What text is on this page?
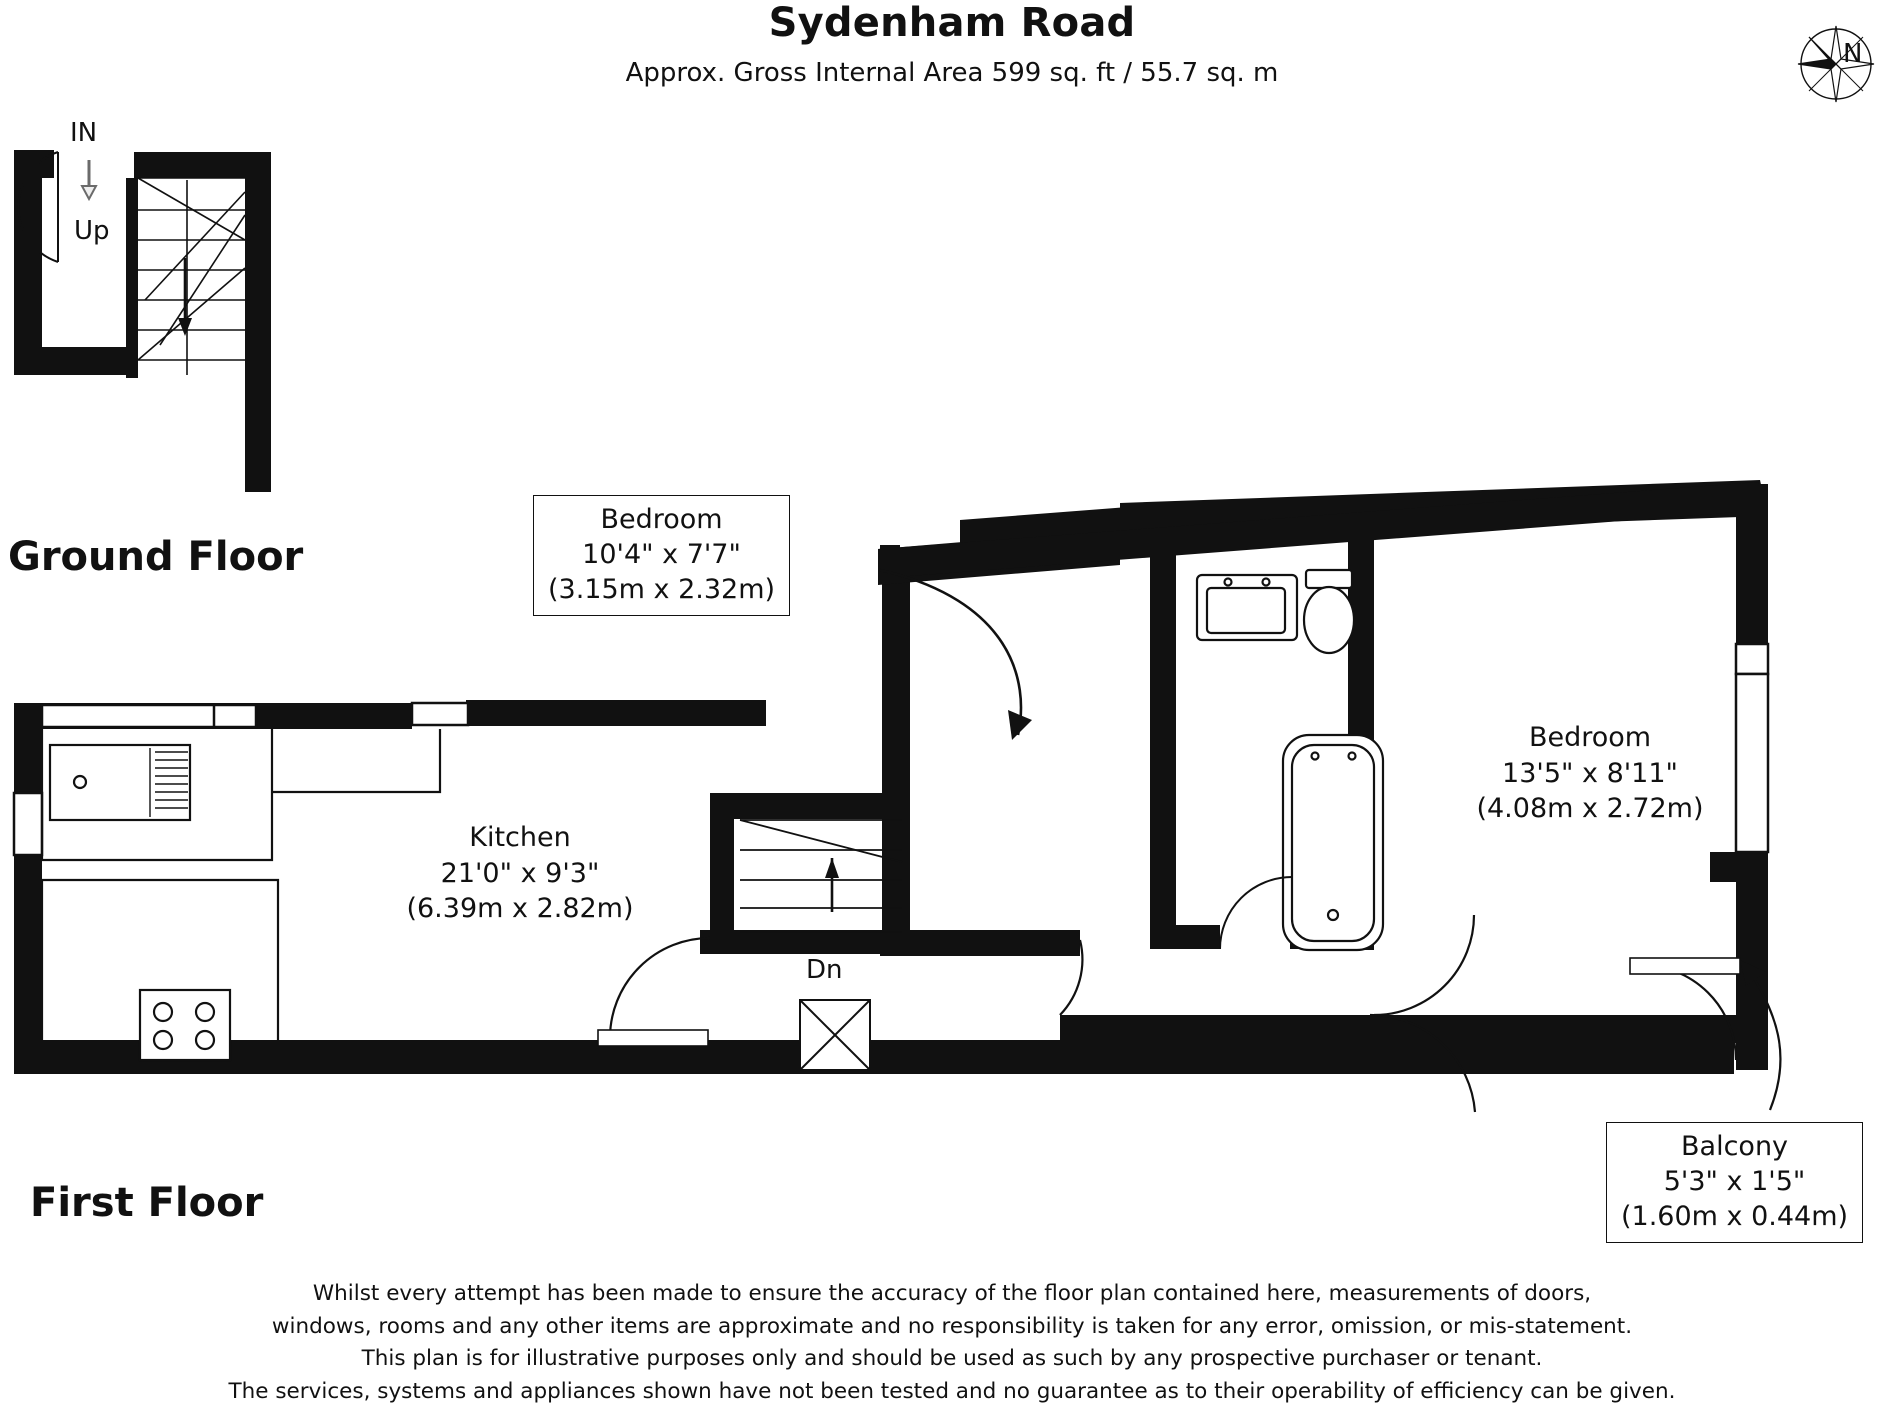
Sydenham Road
Approx. Gross Internal Area 599 sq. ft / 55.7 sq. m
N
Ground Floor
First Floor
IN
Up
Dn
Bedroom
10'4" x 7'7"
(3.15m x 2.32m)
Kitchen
21'0" x 9'3"
(6.39m x 2.82m)
Bedroom
13'5" x 8'11"
(4.08m x 2.72m)
Balcony
5'3" x 1'5"
(1.60m x 0.44m)
Whilst every attempt has been made to ensure the accuracy of the floor plan contained here, measurements of doors,
windows, rooms and any other items are approximate and no responsibility is taken for any error, omission, or mis-statement.
This plan is for illustrative purposes only and should be used as such by any prospective purchaser or tenant.
The services, systems and appliances shown have not been tested and no guarantee as to their operability of efficiency can be given.
